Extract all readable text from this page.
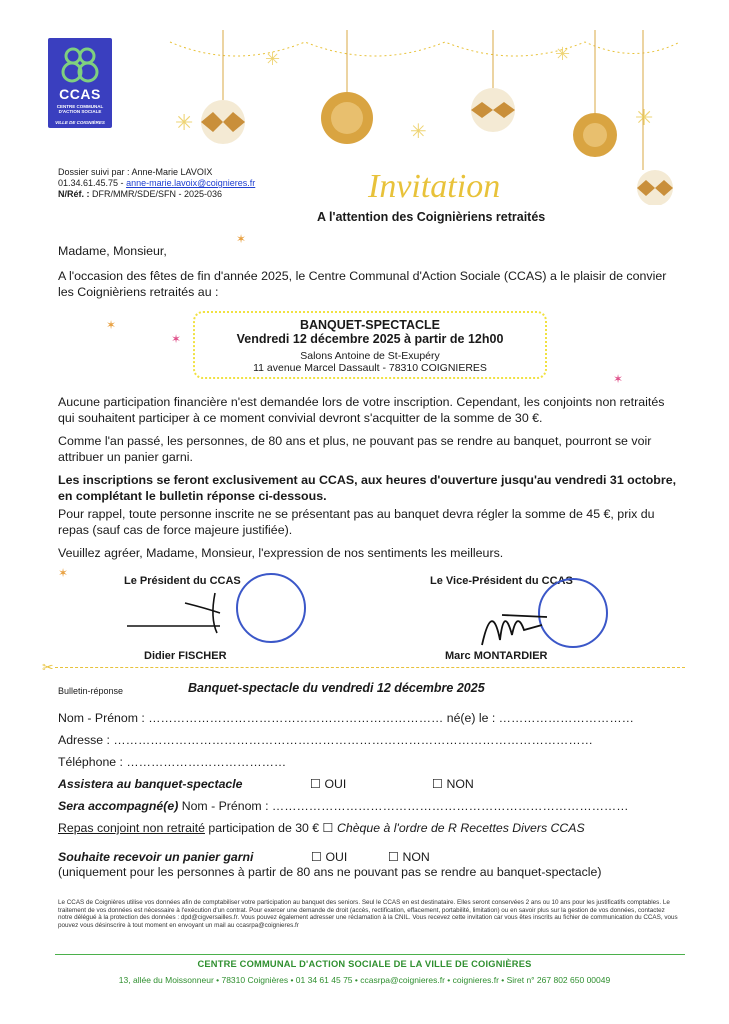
CCAS
CENTRE COMMUNAL D'ACTION SOCIALE
VILLE DE COIGNIÈRES	✳
✳
✳
✳
✳
Dossier suivi par : Anne-Marie LAVOIX
01.34.61.45.75 - anne-marie.lavoix@coignieres.fr
N/Réf. : DFR/MMR/SDE/SFN - 2025-036	Invitation
A l'attention des Coignièriens retraités
Madame, Monsieur,
✶
A l'occasion des fêtes de fin d'année 2025, le Centre Communal d'Action Sociale (CCAS) a le plaisir de convier les Coignièriens retraités au :
✶
✶
✶
BANQUET-SPECTACLE
Vendredi 12 décembre 2025 à partir de 12h00
Salons Antoine de St-Exupéry
11 avenue Marcel Dassault - 78310 COIGNIERES
Aucune participation financière n'est demandée lors de votre inscription. Cependant, les conjoints non retraités qui souhaitent participer à ce moment convivial devront s'acquitter de la somme de 30 €.
Comme l'an passé, les personnes, de 80 ans et plus, ne pouvant pas se rendre au banquet, pourront se voir attribuer un panier garni.
Les inscriptions se feront exclusivement au CCAS, aux heures d'ouverture jusqu'au vendredi 31 octobre, en complétant le bulletin réponse ci-dessous.
Pour rappel, toute personne inscrite ne se présentant pas au banquet devra régler la somme de 45 €, prix du repas (sauf cas de force majeure justifiée).
Veuillez agréer, Madame, Monsieur, l'expression de nos sentiments les meilleurs.
✶
Le Président du CCAS
Didier FISCHER
Le Vice-Président du CCAS
Marc MONTARDIER
✂
Bulletin-réponse	Banquet-spectacle du vendredi 12 décembre 2025
Nom - Prénom : ……………………………………………………………… né(e) le : ……………………………
Adresse : ………………………………………………………………………………………………………
Téléphone : …………………………………
Assistera au banquet-spectacle	☐ OUI	☐ NON
Sera accompagné(e) Nom - Prénom : ……………………………………………………………………………
Repas conjoint non retraité participation de 30 € ☐ Chèque à l'ordre de R Recettes Divers CCAS
Souhaite recevoir un panier garni	☐ OUI	☐ NON
(uniquement pour les personnes à partir de 80 ans ne pouvant pas se rendre au banquet-spectacle)
Le CCAS de Coignières utilise vos données afin de comptabiliser votre participation au banquet des seniors. Seul le CCAS en est destinataire. Elles seront conservées 2 ans ou 10 ans pour les justificatifs comptables. Le traitement de vos données est nécessaire à l'exécution d'un contrat. Pour exercer une demande de droit (accès, rectification, effacement, portabilité, limitation) ou en savoir plus sur la gestion de vos données, contactez notre délégué à la protection des données : dpd@cigversailles.fr. Vous pouvez également adresser une réclamation à la CNIL. Vous recevez cette invitation car vous êtes inscrits au fichier de communication du CCAS, vous pouvez vous désinscrire à tout moment en envoyant un mail au ccasrpa@coignieres.fr
CENTRE COMMUNAL D'ACTION SOCIALE DE LA VILLE DE COIGNIÈRES
13, allée du Moissonneur • 78310 Coignières • 01 34 61 45 75 • ccasrpa@coignieres.fr • coignieres.fr • Siret n° 267 802 650 00049
